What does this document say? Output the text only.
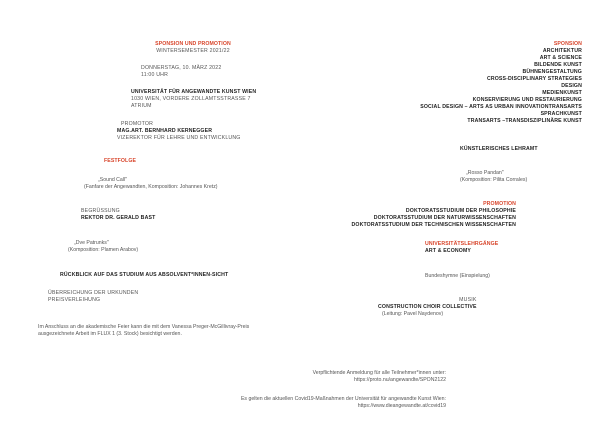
SPONSION UND PROMOTION
WINTERSEMESTER 2021/22
DONNERSTAG, 10. MÄRZ 2022
11:00 UHR
UNIVERSITÄT FÜR ANGEWANDTE KUNST WIEN
1030 WIEN, VORDERE ZOLLAMTSSTRASSE 7
ATRIUM
PROMOTOR
MAG.ART. BERNHARD KERNEGGER
VIZEREKTOR FÜR LEHRE UND ENTWICKLUNG
FESTFOLGE
„Sound Call"
(Fanfare der Angewandten, Komposition: Johannes Kretz)
BEGRÜSSUNG
REKTOR DR. GERALD BAST
„Dve Patrunks"
(Komposition: Plamen Arabov)
RÜCKBLICK AUF DAS STUDIUM AUS ABSOLVENT*INNEN-SICHT
ÜBERREICHUNG DER URKUNDEN
PREISVERLEIHUNG
Im Anschluss an die akademische Feier kann die mit dem Vanessa Preger-McGillivray-Preis
ausgezeichnete Arbeit im FLUX 1 (3. Stock) besichtigt werden.
SPONSION
ARCHITEKTUR
ART & SCIENCE
BILDENDE KUNST
BÜHNENGESTALTUNG
CROSS-DISCIPLINARY STRATEGIES
DESIGN
MEDIENKUNST
KONSERVIERUNG UND RESTAURIERUNG
SOCIAL DESIGN – ARTS AS URBAN INNOVATIONTRANSARTS
SPRACHKUNST
TRANSARTS –TRANSDISZIPLINÄRE KUNST
KÜNSTLERISCHES LEHRAMT
„Rosso Pandan"
(Komposition: Pilita Corrales)
PROMOTION
DOKTORATSSTUDIUM DER PHILOSOPHIE
DOKTORATSSTUDIUM DER NATURWISSENSCHAFTEN
DOKTORATSSTUDIUM DER TECHNISCHEN WISSENSCHAFTEN
UNIVERSITÄTSLEHRGÄNGE
ART & ECONOMY
Bundeshymne (Einspielung)
MUSIK
CONSTRUCTION CHOIR COLLECTIVE
(Leitung: Pavel Naydenov)
Verpflichtende Anmeldung für alle Teilnehmer*innen unter:
https://proto.nu/angewandte/SPON2122
Es gelten die aktuellen Covid19-Maßnahmen der Universität für angewandte Kunst Wien:
https://www.dieangewandte.at/covid19
